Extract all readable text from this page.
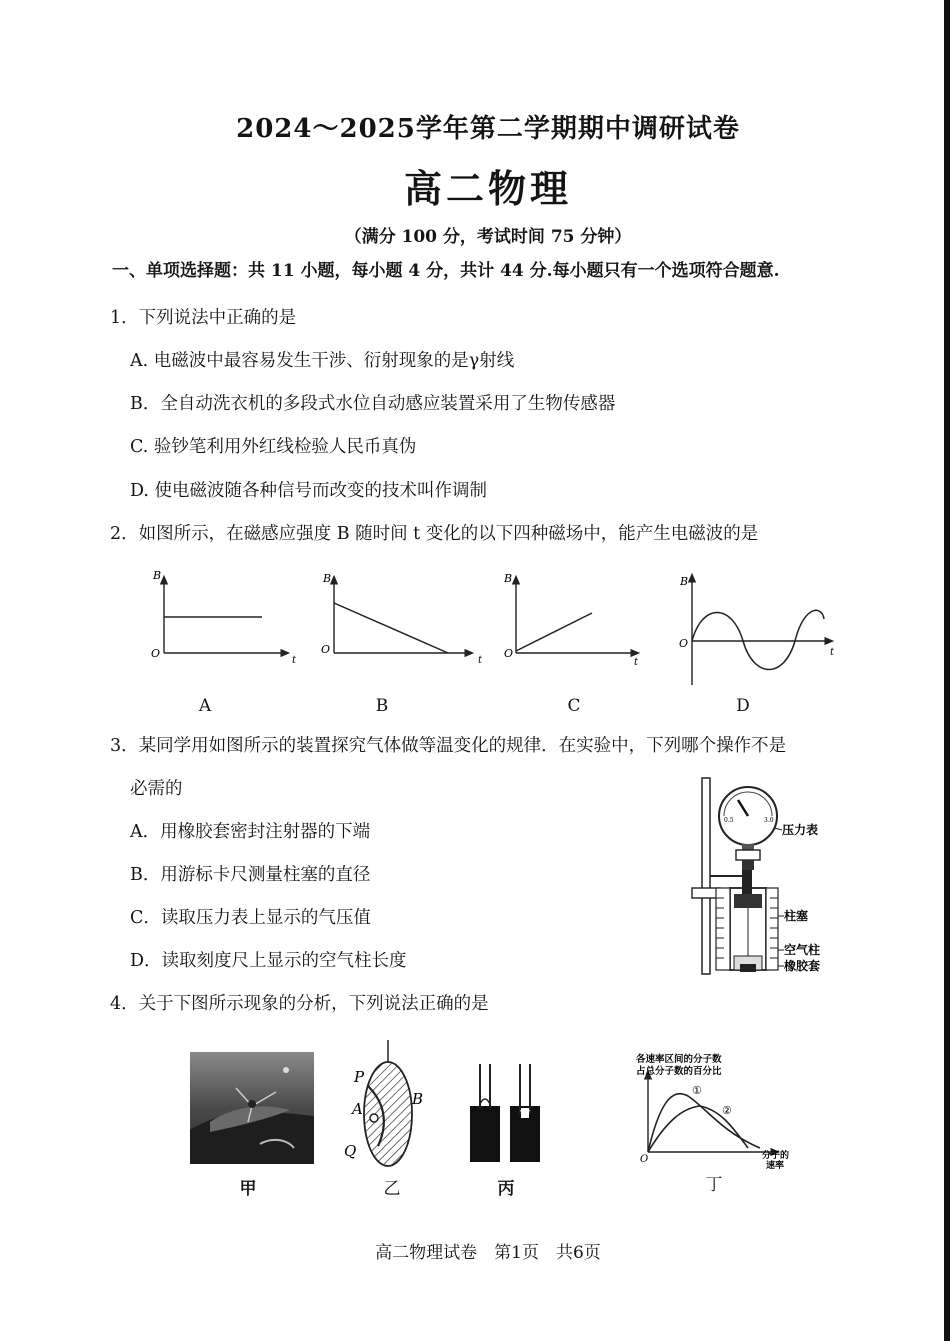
2024～2025学年第二学期期中调研试卷
高二物理
（满分 100 分，考试时间 75 分钟）
一、单项选择题：共 11 小题，每小题 4 分，共计 44 分.每小题只有一个选项符合题意.
1．下列说法中正确的是
A. 电磁波中最容易发生干涉、衍射现象的是γ射线
B．全自动洗衣机的多段式水位自动感应装置采用了生物传感器
C. 验钞笔利用外红线检验人民币真伪
D. 使电磁波随各种信号而改变的技术叫作调制
2．如图所示，在磁感应强度 B 随时间 t 变化的以下四种磁场中，能产生电磁波的是
B
O
t
B
O
t
B
O
t
B
O
t
A	B	C	D
3．某同学用如图所示的装置探究气体做等温变化的规律．在实验中，下列哪个操作不是
必需的
A．用橡胶套密封注射器的下端
B．用游标卡尺测量柱塞的直径
C．读取压力表上显示的气压值
D．读取刻度尺上显示的空气柱长度
0.5	3.0
压力表
柱塞
空气柱
橡胶套
4．关于下图所示现象的分析，下列说法正确的是
甲
P
A
B
Q
乙	丙
各速率区间的分子数
占总分子数的百分比
①
②
O	分子的
速率
丁
高二物理试卷　第1页　共6页
